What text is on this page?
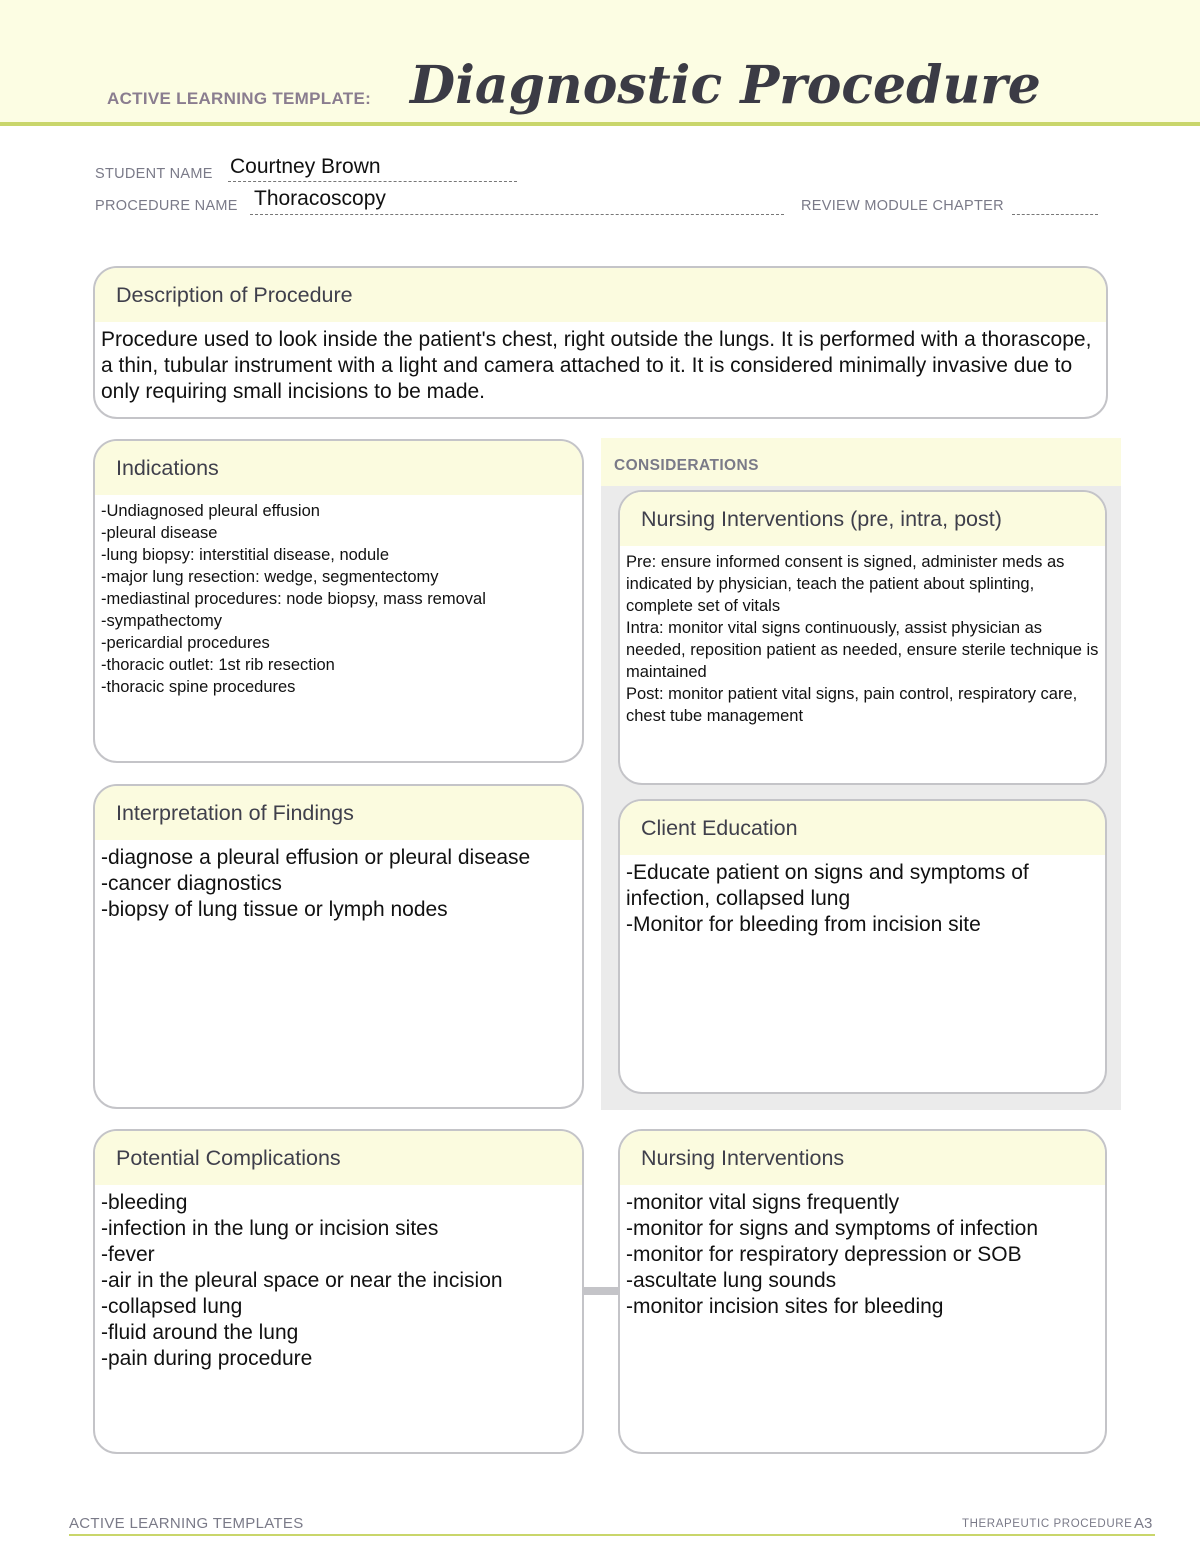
ACTIVE LEARNING TEMPLATE: Diagnostic Procedure
STUDENT NAME Courtney Brown
PROCEDURE NAME Thoracoscopy	REVIEW MODULE CHAPTER
Description of Procedure
Procedure used to look inside the patient's chest, right outside the lungs. It is performed with a thorascope, a thin, tubular instrument with a light and camera attached to it. It is considered minimally invasive due to only requiring small incisions to be made.
CONSIDERATIONS
Indications
-Undiagnosed pleural effusion
-pleural disease
-lung biopsy: interstitial disease, nodule
-major lung resection: wedge, segmentectomy
-mediastinal procedures: node biopsy, mass removal
-sympathectomy
-pericardial procedures
-thoracic outlet: 1st rib resection
-thoracic spine procedures
Nursing Interventions (pre, intra, post)
Pre: ensure informed consent is signed, administer meds as indicated by physician, teach the patient about splinting, complete set of vitals
Intra: monitor vital signs continuously, assist physician as needed, reposition patient as needed, ensure sterile technique is maintained
Post: monitor patient vital signs, pain control, respiratory care, chest tube management
Interpretation of Findings
-diagnose a pleural effusion or pleural disease
-cancer diagnostics
-biopsy of lung tissue or lymph nodes
Client Education
-Educate patient on signs and symptoms of infection, collapsed lung
-Monitor for bleeding from incision site
Potential Complications
-bleeding
-infection in the lung or incision sites
-fever
-air in the pleural space or near the incision
-collapsed lung
-fluid around the lung
-pain during procedure
Nursing Interventions
-monitor vital signs frequently
-monitor for signs and symptoms of infection
-monitor for respiratory depression or SOB
-ascultate lung sounds
-monitor incision sites for bleeding
ACTIVE LEARNING TEMPLATES	THERAPEUTIC PROCEDURE A3
